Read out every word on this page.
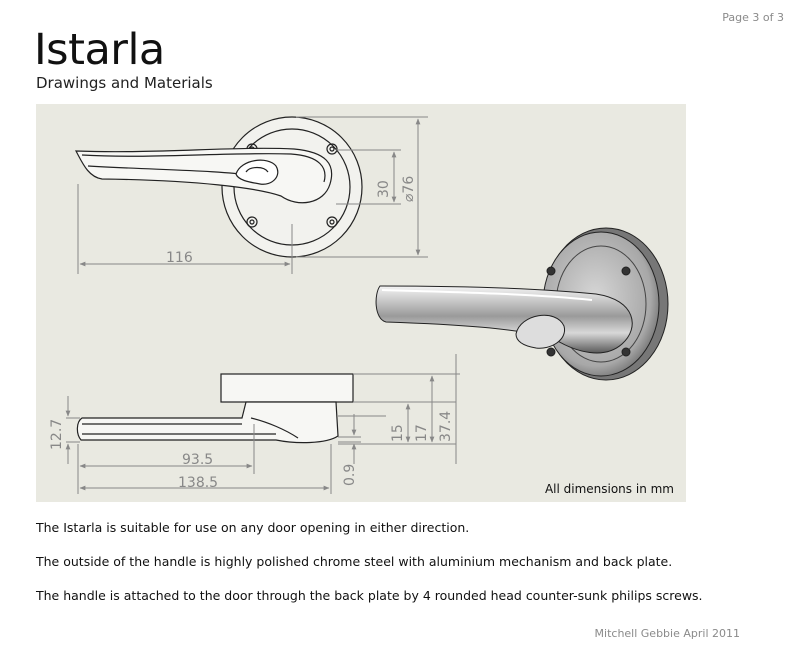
Page 3 of 3
Istarla
Drawings and Materials
116
30 ⌀76
12.7
93.5
138.5	0.9
15 17 37.4
All dimensions in mm
The Istarla is suitable for use on any door opening in either direction.
The outside of the handle is highly polished chrome steel with aluminium mechanism and back plate.
The handle is attached to the door through the back plate by 4 rounded head counter-sunk philips screws.
Mitchell Gebbie April 2011
